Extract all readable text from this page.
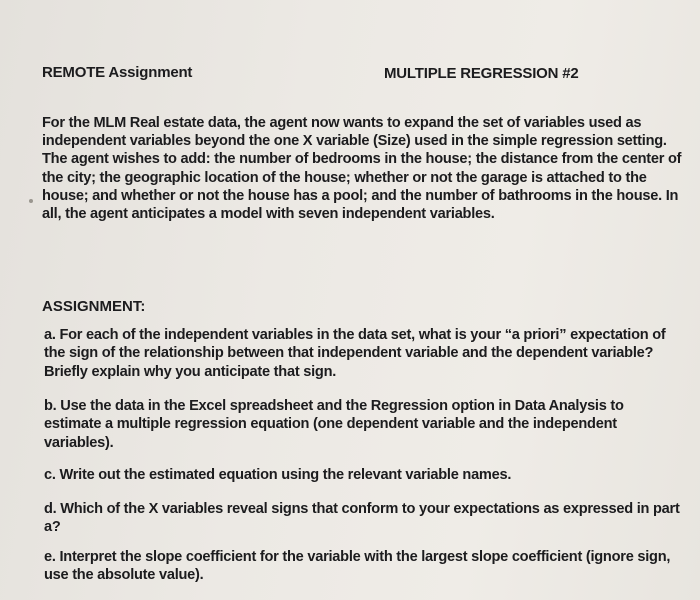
REMOTE Assignment	MULTIPLE REGRESSION #2
For the MLM Real estate data, the agent now wants to expand the set of variables used as independent variables beyond the one X variable (Size) used in the simple regression setting. The agent wishes to add: the number of bedrooms in the house; the distance from the center of the city; the geographic location of the house; whether or not the garage is attached to the house; and whether or not the house has a pool; and the number of bathrooms in the house. In all, the agent anticipates a model with seven independent variables.
ASSIGNMENT:
a. For each of the independent variables in the data set, what is your “a priori” expectation of the sign of the relationship between that independent variable and the dependent variable? Briefly explain why you anticipate that sign.
b. Use the data in the Excel spreadsheet and the Regression option in Data Analysis to estimate a multiple regression equation (one dependent variable and the independent variables).
c. Write out the estimated equation using the relevant variable names.
d. Which of the X variables reveal signs that conform to your expectations as expressed in part a?
e. Interpret the slope coefficient for the variable with the largest slope coefficient (ignore sign, use the absolute value).
